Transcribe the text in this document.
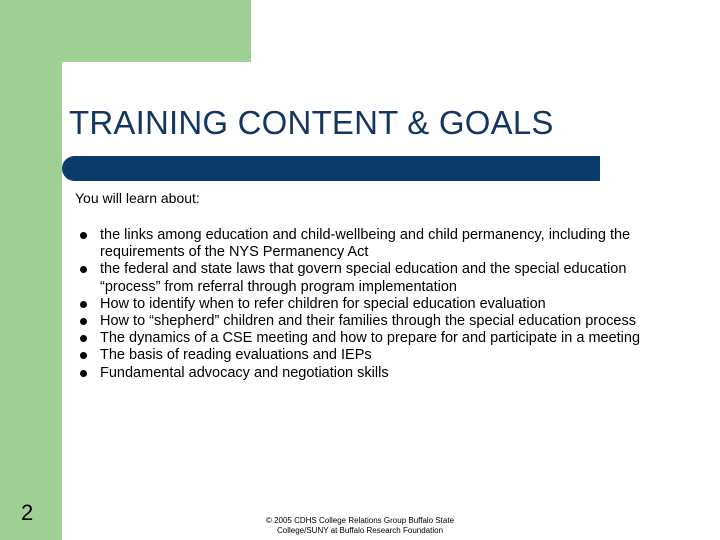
TRAINING CONTENT & GOALS
You will learn about:
the links among education and child-wellbeing and child permanency, including the requirements of the NYS Permanency Act
the federal and state laws that govern special education and the special education “process” from referral through program implementation
How to identify when to refer children for special education evaluation
How to “shepherd” children and their families through the special education process
The dynamics of a CSE meeting and how to prepare for and participate in a meeting
The basis of reading evaluations and IEPs
Fundamental advocacy and negotiation skills
2	© 2005 CDHS College Relations Group Buffalo State
College/SUNY at Buffalo Research Foundation
